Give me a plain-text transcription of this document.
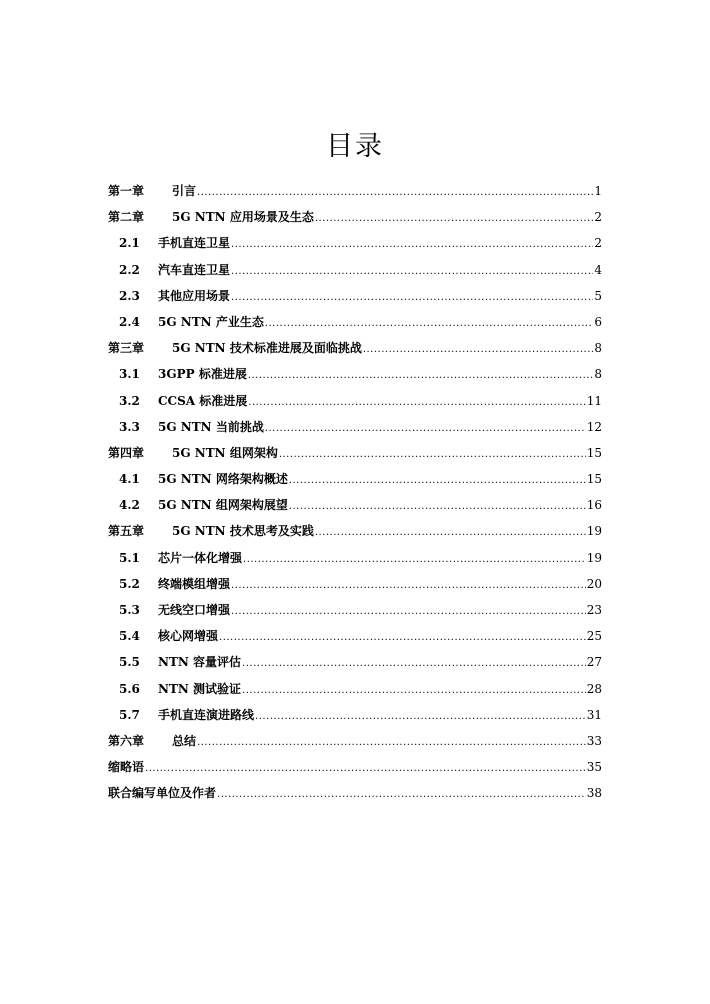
目录
第一章	引言 .....	1
第二章	5G NTN 应用场景及生态 .....	2
2.1	手机直连卫星 .....	2
2.2	汽车直连卫星 .....	4
2.3	其他应用场景 .....	5
2.4	5G NTN 产业生态 .....	6
第三章	5G NTN 技术标准进展及面临挑战 .....	8
3.1	3GPP 标准进展 .....	8
3.2	CCSA 标准进展 .....	11
3.3	5G NTN 当前挑战 .....	12
第四章	5G NTN 组网架构 .....	15
4.1	5G NTN 网络架构概述 .....	15
4.2	5G NTN 组网架构展望 .....	16
第五章	5G NTN 技术思考及实践 .....	19
5.1	芯片一体化增强 .....	19
5.2	终端模组增强 .....	20
5.3	无线空口增强 .....	23
5.4	核心网增强 .....	25
5.5	NTN 容量评估 .....	27
5.6	NTN 测试验证 .....	28
5.7	手机直连演进路线 .....	31
第六章	总结 .....	33
缩略语 .....	35
联合编写单位及作者 .....	38
